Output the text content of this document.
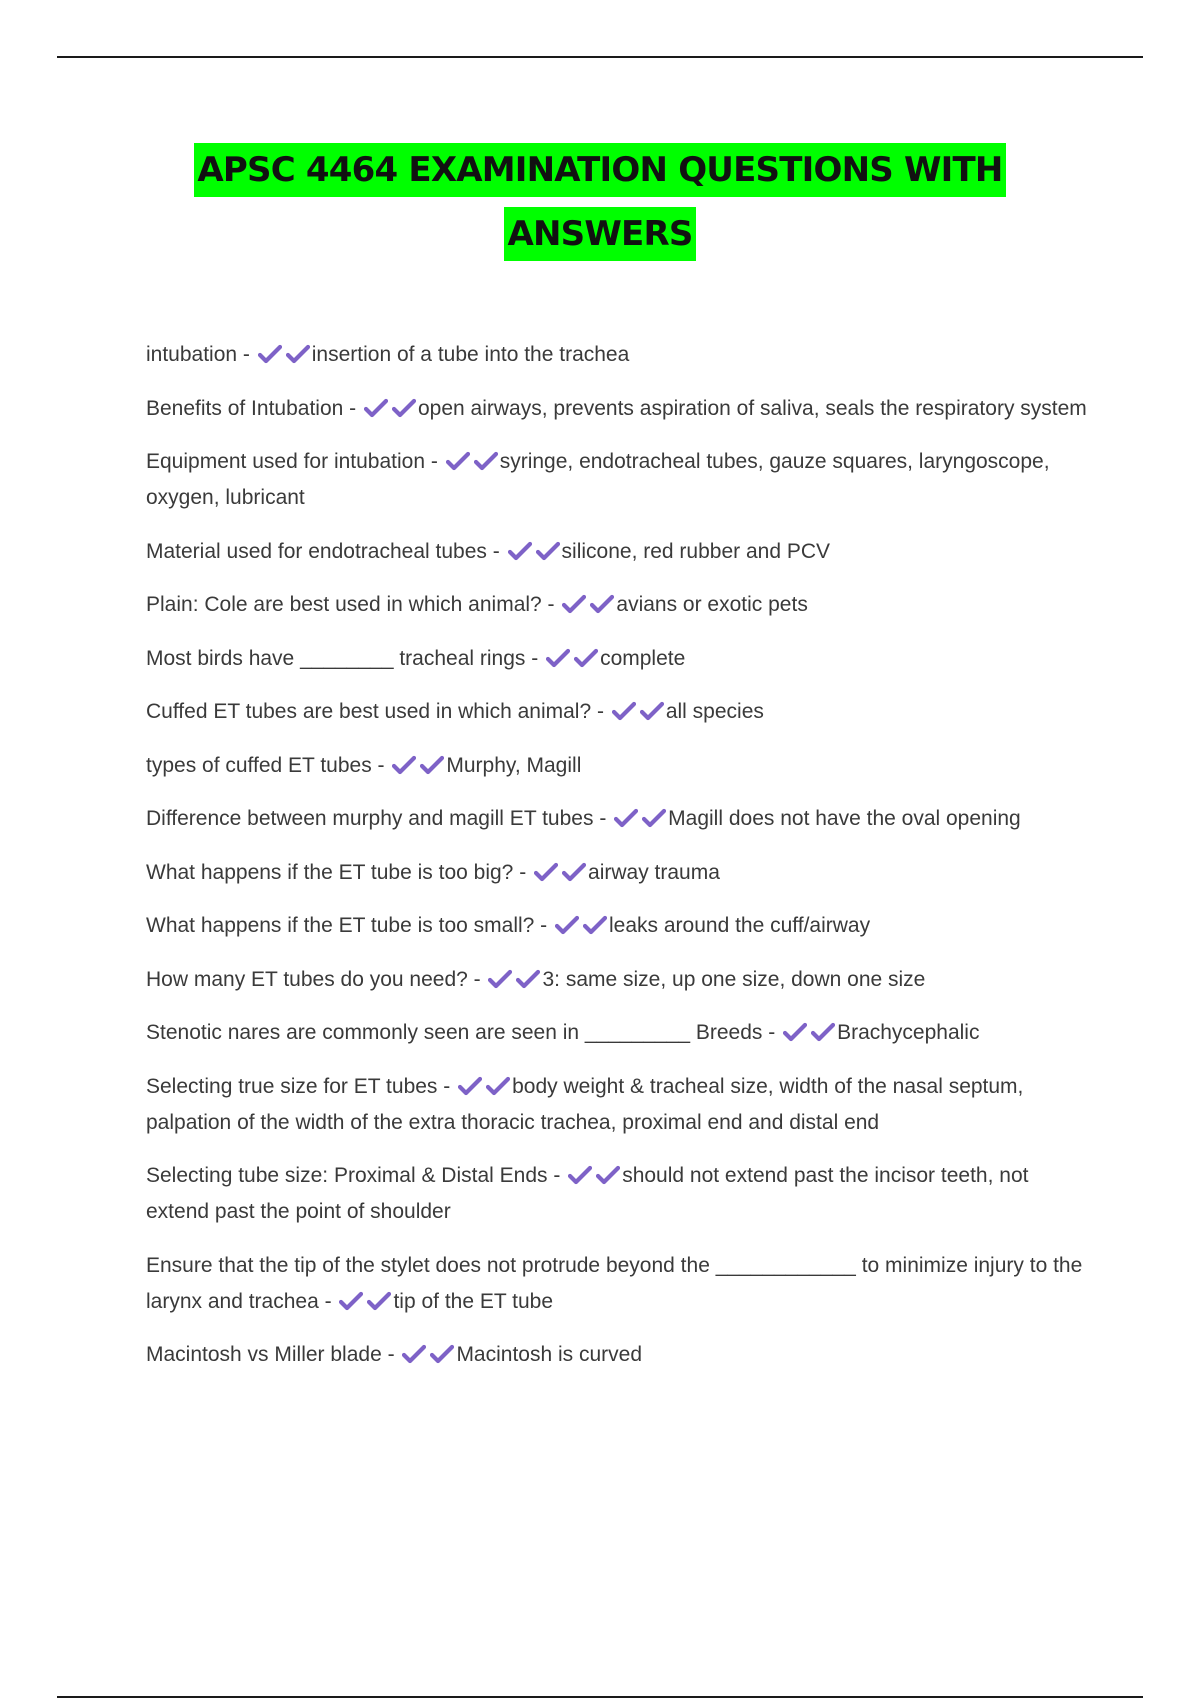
APSC 4464 EXAMINATION QUESTIONS WITH
ANSWERS
intubation -	insertion of a tube into the trachea
Benefits of Intubation -	open airways, prevents aspiration of saliva, seals the respiratory system
Equipment used for intubation -	syringe, endotracheal tubes, gauze squares, laryngoscope, oxygen, lubricant
Material used for endotracheal tubes -	silicone, red rubber and PCV
Plain: Cole are best used in which animal? -	avians or exotic pets
Most birds have ________ tracheal rings -	complete
Cuffed ET tubes are best used in which animal? -	all species
types of cuffed ET tubes -	Murphy, Magill
Difference between murphy and magill ET tubes -	Magill does not have the oval opening
What happens if the ET tube is too big? -	airway trauma
What happens if the ET tube is too small? -	leaks around the cuff/airway
How many ET tubes do you need? -	3: same size, up one size, down one size
Stenotic nares are commonly seen are seen in _________ Breeds -	Brachycephalic
Selecting true size for ET tubes -	body weight & tracheal size, width of the nasal septum, palpation of the width of the extra thoracic trachea, proximal end and distal end
Selecting tube size: Proximal & Distal Ends -	should not extend past the incisor teeth, not extend past the point of shoulder
Ensure that the tip of the stylet does not protrude beyond the ____________ to minimize injury to the larynx and trachea -	tip of the ET tube
Macintosh vs Miller blade -	Macintosh is curved
